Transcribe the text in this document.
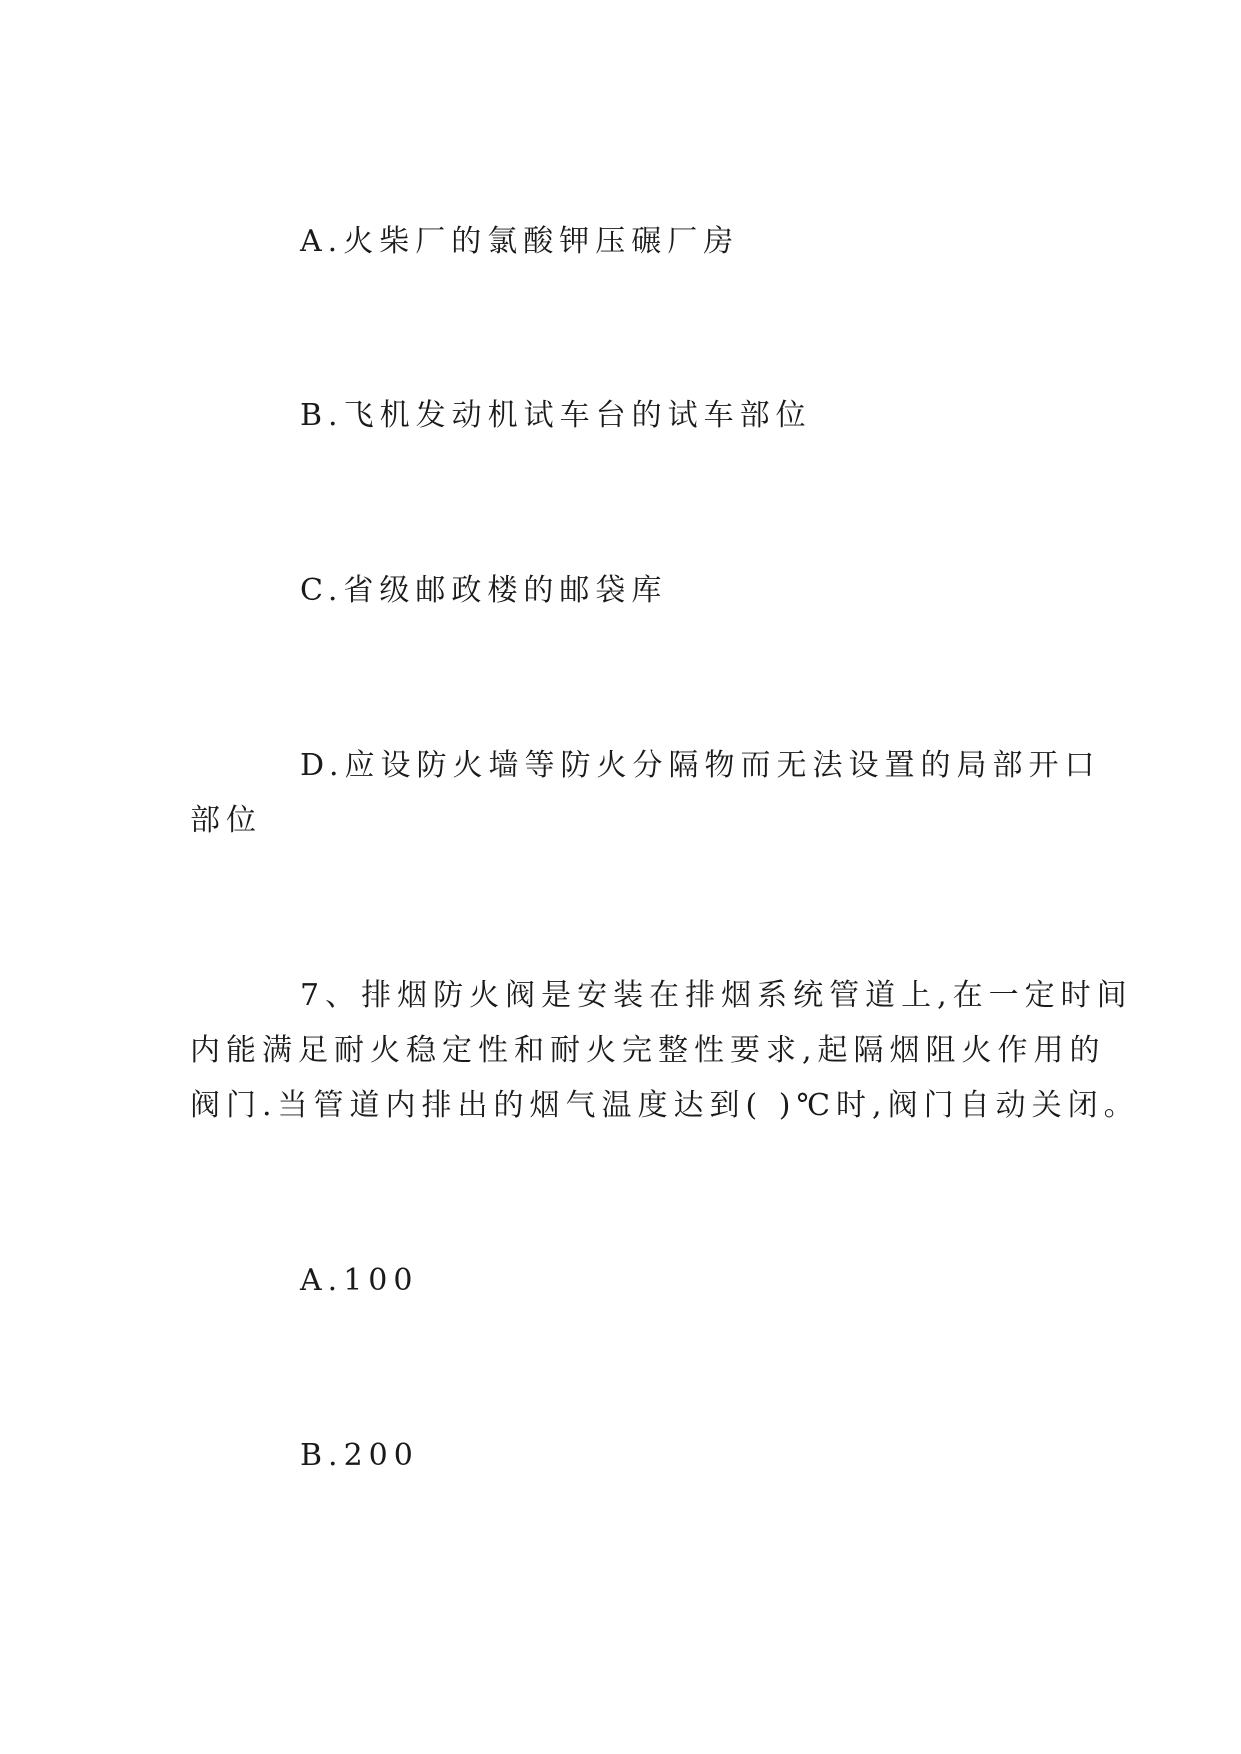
A.火柴厂的氯酸钾压碾厂房

B.飞机发动机试车台的试车部位

C.省级邮政楼的邮袋库

D.应设防火墙等防火分隔物而无法设置的局部开口

部位

7、排烟防火阀是安装在排烟系统管道上,在一定时间

内能满足耐火稳定性和耐火完整性要求,起隔烟阻火作用的

阀门.当管道内排出的烟气温度达到( )℃时,阀门自动关闭。

A.100

B.200
